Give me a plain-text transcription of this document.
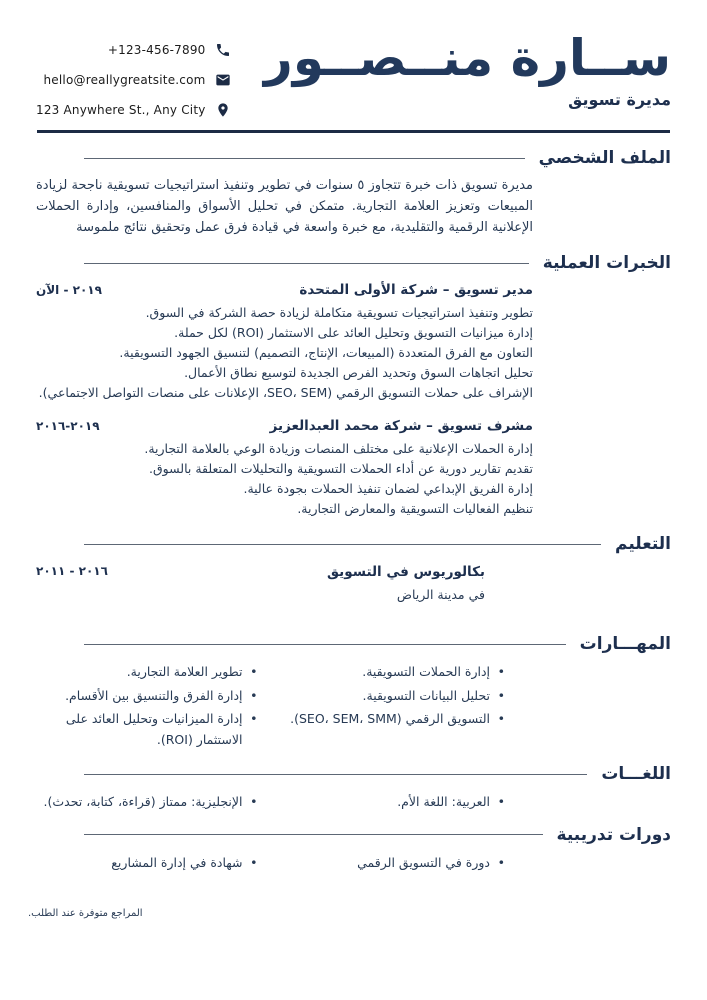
+123-456-7890
hello@reallygreatsite.com
123 Anywhere St., Any City
ســارة منــصــور
مديرة تسويق
الملف الشخصي

مديرة تسويق ذات خبرة تتجاوز ٥ سنوات في تطوير وتنفيذ استراتيجيات تسويقية ناجحة لزيادة المبيعات وتعزيز العلامة التجارية. متمكن في تحليل الأسواق والمنافسين، وإدارة الحملات الإعلانية الرقمية والتقليدية، مع خبرة واسعة في قيادة فرق عمل وتحقيق نتائج ملموسة

الخبرات العملية
مدير تسويق – شركة الأولى المتحدة
٢٠١٩ - الآن
تطوير وتنفيذ استراتيجيات تسويقية متكاملة لزيادة حصة الشركة في السوق.
إدارة ميزانيات التسويق وتحليل العائد على الاستثمار (ROI) لكل حملة.
التعاون مع الفرق المتعددة (المبيعات، الإنتاج، التصميم) لتنسيق الجهود التسويقية.
تحليل اتجاهات السوق وتحديد الفرص الجديدة لتوسيع نطاق الأعمال.
الإشراف على حملات التسويق الرقمي (SEO، SEM، الإعلانات على منصات التواصل الاجتماعي).
مشرف تسويق – شركة محمد العبدالعزيز
٢٠١٩-٢٠١٦
إدارة الحملات الإعلانية على مختلف المنصات وزيادة الوعي بالعلامة التجارية.
تقديم تقارير دورية عن أداء الحملات التسويقية والتحليلات المتعلقة بالسوق.
إدارة الفريق الإبداعي لضمان تنفيذ الحملات بجودة عالية.
تنظيم الفعاليات التسويقية والمعارض التجارية.
التعليم
بكالوريوس في التسويق
في مدينة الرياض
٢٠١٦ - ٢٠١١
المهـــارات
• إدارة الحملات التسويقية.
• تحليل البيانات التسويقية.
• التسويق الرقمي (SEO، SEM، SMM).
• تطوير العلامة التجارية.
• إدارة الفرق والتنسيق بين الأقسام.
• إدارة الميزانيات وتحليل العائد على الاستثمار (ROI).
اللغـــات
• العربية: اللغة الأم.
• الإنجليزية: ممتاز (قراءة، كتابة، تحدث).
دورات تدريبية
• دورة في التسويق الرقمي
• شهادة في إدارة المشاريع
المراجع متوفرة عند الطلب.
